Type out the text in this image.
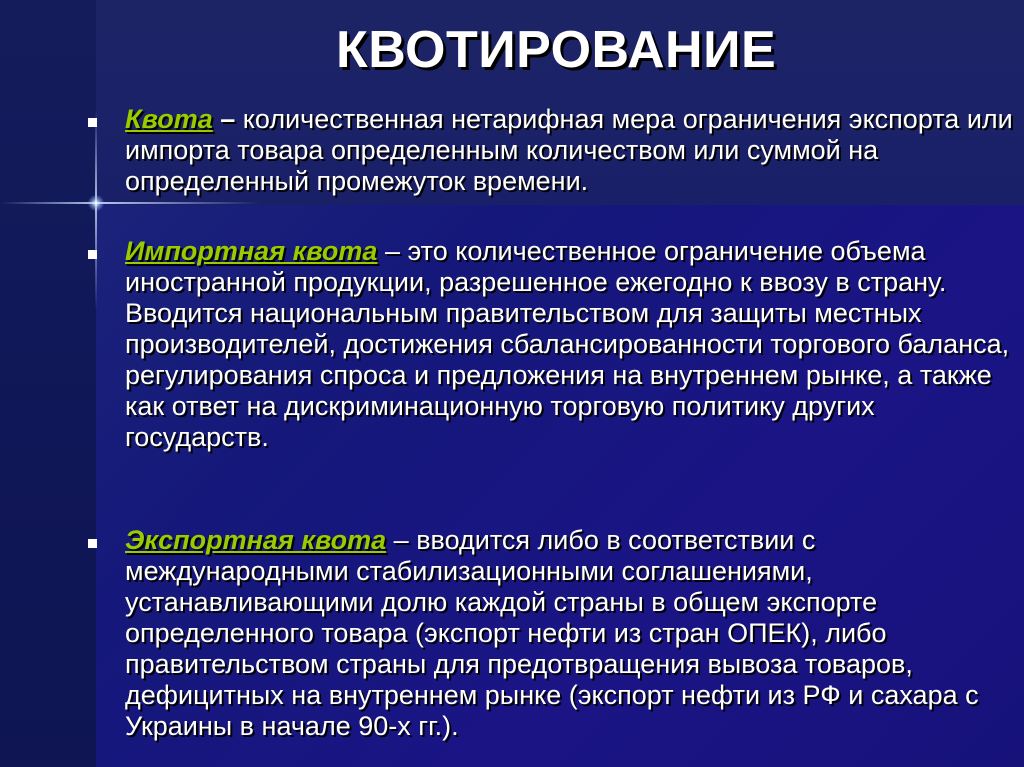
КВОТИРОВАНИЕ

Квота – количественная нетарифная мера ограничения экспорта или импорта товара определенным количеством или суммой на определенный промежуток времени.

Импортная квота – это количественное ограничение объема иностранной продукции, разрешенное ежегодно к ввозу в страну. Вводится национальным правительством для защиты местных производителей, достижения сбалансированности торгового баланса, регулирования спроса и предложения на внутреннем рынке, а также как ответ на дискриминационную торговую политику других государств.

Экспортная квота – вводится либо в соответствии с международными стабилизационными соглашениями, устанавливающими долю каждой страны в общем экспорте определенного товара (экспорт нефти из стран ОПЕК), либо правительством страны для предотвращения вывоза товаров, дефицитных на внутреннем рынке (экспорт нефти из РФ и сахара с Украины в начале 90-х гг.).
